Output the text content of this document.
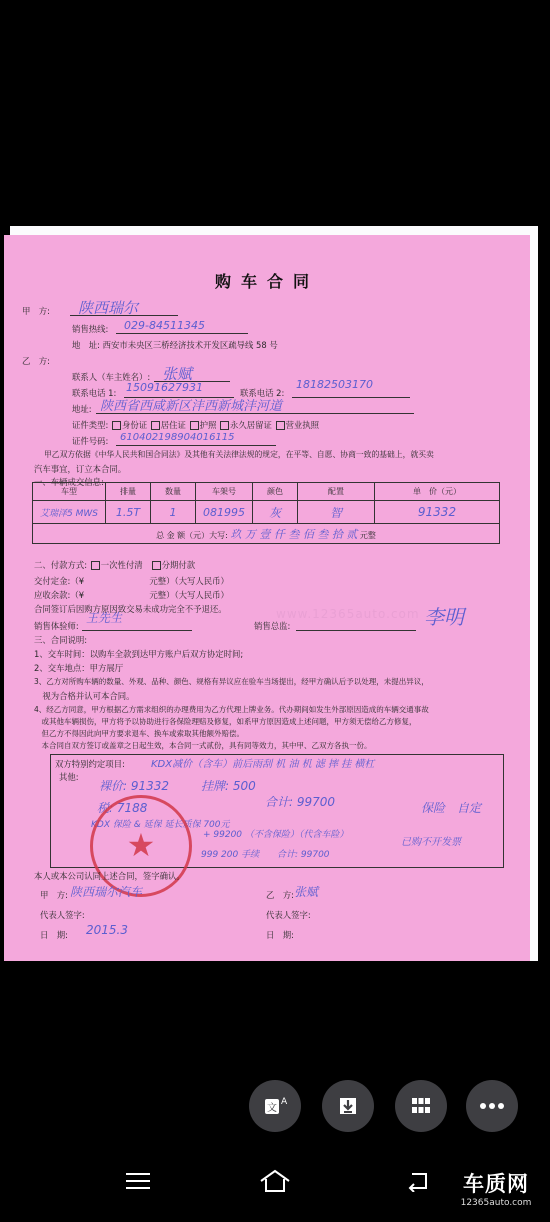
购车合同
甲　方: 陕西瑞尔
销售热线: 029-84511345
地　址: 西安市未央区三桥经济技术开发区疏导线 58 号
乙　方:
联系人（车主姓名）: 张赋
联系电话 1: 15091627931	联系电话 2:
18182503170
地址: 陕西省西咸新区沣西新城沣河道
证件类型: 身份证 居住证 护照 永久居留证 营业执照
证件号码: 610402198904016115
甲乙双方依据《中华人民共和国合同法》及其他有关法律法规的规定，在平等、自愿、协商一致的基础上，就买卖
汽车事宜，订立本合同。
一、车辆成交信息:
车型	排量	数量	车架号	颜色	配置	单　价（元）
艾瑞泽5 MWS	1.5T	1	081995	灰	智	91332
总 金 额（元）大写: 玖 万 壹 仟 叁 佰 叁 拾 贰 元整						
二、付款方式: 一次性付清 分期付款
交付定金:（¥	元整）（大写人民币）
应收余款:（¥	元整）（大写人民币）
合同签订后因购方原因致交易未成功完全不予退还。	www.12365auto.com
销售体验师:
王先生
销售总监:	李明
三、合同说明:
1、交车时间：以购车全款到达甲方账户后双方协定时间;
2、交车地点：甲方展厅
3、乙方对所购车辆的数量、外观、品种、颜色、规格有异议应在验车当场提出，经甲方确认后予以处理，未提出异议，
　视为合格并认可本合同。
4、经乙方同意，甲方根据乙方需求组织的办理费用为乙方代理上牌业务。代办期间如发生外部原因造成的车辆交通事故
　或其他车辆损伤，甲方将予以协助进行各保险理赔及修复，如系甲方原因造成上述问题，甲方须无偿给乙方修复，
　但乙方不得因此向甲方要求退车、换车或索取其他额外赔偿。
　本合同自双方签订或盖章之日起生效，本合同一式贰份，具有同等效力，其中甲、乙双方各执一份。
双方特别约定项目:
其他:
KDX减价（含车）前后雨刮 机 油 机 滤 摔 挂 横杠
裸价: 91332	挂牌: 500
税: 7188	合计: 99700
KDX 保险 & 延保 延长质保 700元
+ 99200 （不含保险）（代含车险）
999 200 手续 合计: 99700
保险　自定
已购不开发票
★
本人或本公司认同上述合同，签字确认。
甲　方: 陕西瑞尔汽车	乙　方: 张赋
代表人签字:	代表人签字:
日　期: 2015.3	日　期:
文
A
车质网
12365auto.com
